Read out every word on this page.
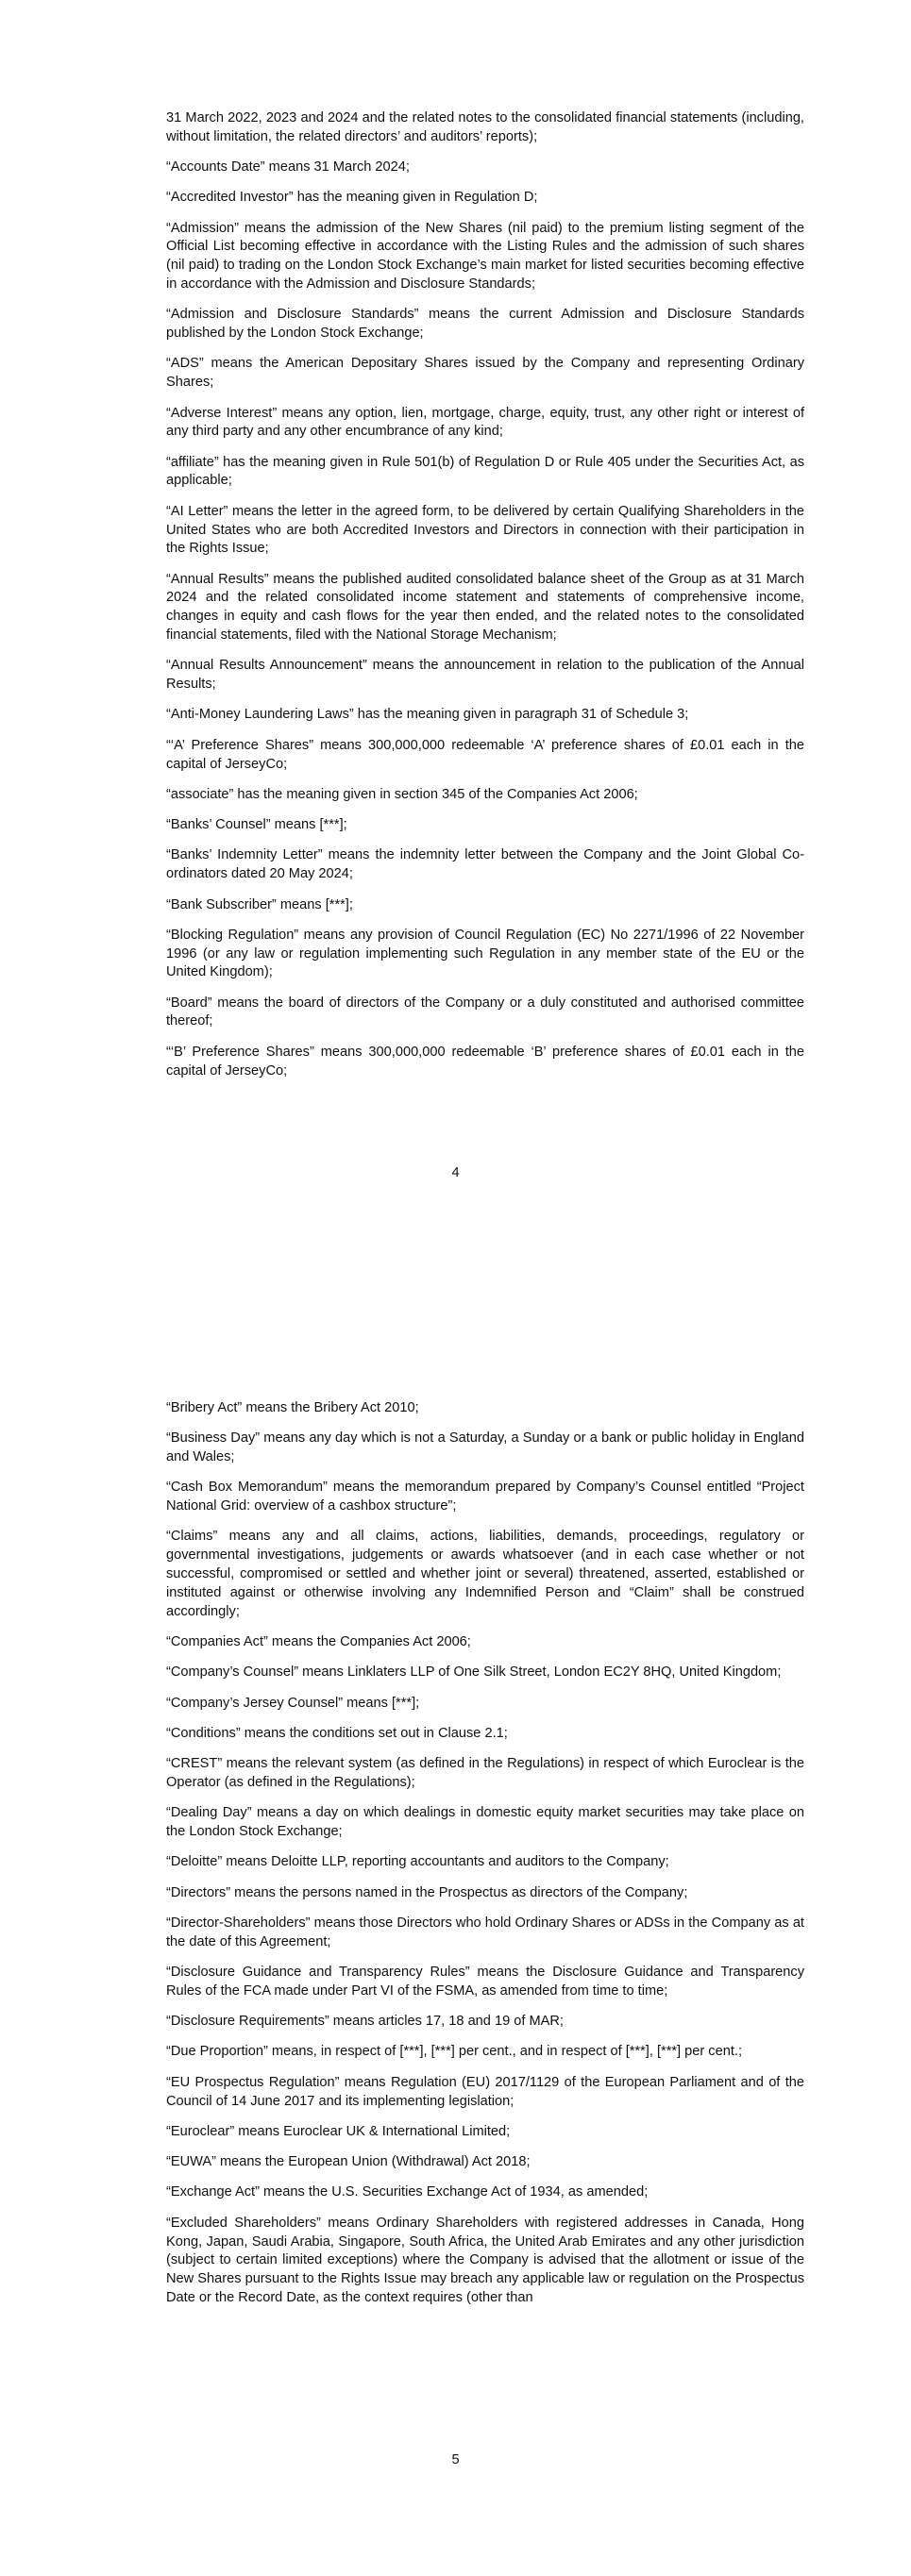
31 March 2022, 2023 and 2024 and the related notes to the consolidated financial statements (including, without limitation, the related directors’ and auditors’ reports);

“Accounts Date” means 31 March 2024;

“Accredited Investor” has the meaning given in Regulation D;

“Admission” means the admission of the New Shares (nil paid) to the premium listing segment of the Official List becoming effective in accordance with the Listing Rules and the admission of such shares (nil paid) to trading on the London Stock Exchange’s main market for listed securities becoming effective in accordance with the Admission and Disclosure Standards;

“Admission and Disclosure Standards” means the current Admission and Disclosure Standards published by the London Stock Exchange;

“ADS” means the American Depositary Shares issued by the Company and representing Ordinary Shares;

“Adverse Interest” means any option, lien, mortgage, charge, equity, trust, any other right or interest of any third party and any other encumbrance of any kind;

“affiliate” has the meaning given in Rule 501(b) of Regulation D or Rule 405 under the Securities Act, as applicable;

“AI Letter” means the letter in the agreed form, to be delivered by certain Qualifying Shareholders in the United States who are both Accredited Investors and Directors in connection with their participation in the Rights Issue;

“Annual Results” means the published audited consolidated balance sheet of the Group as at 31 March 2024 and the related consolidated income statement and statements of comprehensive income, changes in equity and cash flows for the year then ended, and the related notes to the consolidated financial statements, filed with the National Storage Mechanism;

“Annual Results Announcement” means the announcement in relation to the publication of the Annual Results;

“Anti-Money Laundering Laws” has the meaning given in paragraph 31 of Schedule 3;

“‘A’ Preference Shares” means 300,000,000 redeemable ‘A’ preference shares of £0.01 each in the capital of JerseyCo;

“associate” has the meaning given in section 345 of the Companies Act 2006;

“Banks’ Counsel” means [***];

“Banks’ Indemnity Letter” means the indemnity letter between the Company and the Joint Global Co-ordinators dated 20 May 2024;

“Bank Subscriber” means [***];

“Blocking Regulation” means any provision of Council Regulation (EC) No 2271/1996 of 22 November 1996 (or any law or regulation implementing such Regulation in any member state of the EU or the United Kingdom);

“Board” means the board of directors of the Company or a duly constituted and authorised committee thereof;

“‘B’ Preference Shares” means 300,000,000 redeemable ‘B’ preference shares of £0.01 each in the capital of JerseyCo;

4

“Bribery Act” means the Bribery Act 2010;

“Business Day” means any day which is not a Saturday, a Sunday or a bank or public holiday in England and Wales;

“Cash Box Memorandum” means the memorandum prepared by Company’s Counsel entitled “Project National Grid: overview of a cashbox structure”;

“Claims” means any and all claims, actions, liabilities, demands, proceedings, regulatory or governmental investigations, judgements or awards whatsoever (and in each case whether or not successful, compromised or settled and whether joint or several) threatened, asserted, established or instituted against or otherwise involving any Indemnified Person and “Claim” shall be construed accordingly;

“Companies Act” means the Companies Act 2006;

“Company’s Counsel” means Linklaters LLP of One Silk Street, London EC2Y 8HQ, United Kingdom;

“Company’s Jersey Counsel” means [***];

“Conditions” means the conditions set out in Clause 2.1;

“CREST” means the relevant system (as defined in the Regulations) in respect of which Euroclear is the Operator (as defined in the Regulations);

“Dealing Day” means a day on which dealings in domestic equity market securities may take place on the London Stock Exchange;

“Deloitte” means Deloitte LLP, reporting accountants and auditors to the Company;

“Directors” means the persons named in the Prospectus as directors of the Company;

“Director-Shareholders” means those Directors who hold Ordinary Shares or ADSs in the Company as at the date of this Agreement;

“Disclosure Guidance and Transparency Rules” means the Disclosure Guidance and Transparency Rules of the FCA made under Part VI of the FSMA, as amended from time to time;

“Disclosure Requirements” means articles 17, 18 and 19 of MAR;

“Due Proportion” means, in respect of [***], [***] per cent., and in respect of [***], [***] per cent.;

“EU Prospectus Regulation” means Regulation (EU) 2017/1129 of the European Parliament and of the Council of 14 June 2017 and its implementing legislation;

“Euroclear” means Euroclear UK & International Limited;

“EUWA” means the European Union (Withdrawal) Act 2018;

“Exchange Act” means the U.S. Securities Exchange Act of 1934, as amended;

“Excluded Shareholders” means Ordinary Shareholders with registered addresses in Canada, Hong Kong, Japan, Saudi Arabia, Singapore, South Africa, the United Arab Emirates and any other jurisdiction (subject to certain limited exceptions) where the Company is advised that the allotment or issue of the New Shares pursuant to the Rights Issue may breach any applicable law or regulation on the Prospectus Date or the Record Date, as the context requires (other than

5
